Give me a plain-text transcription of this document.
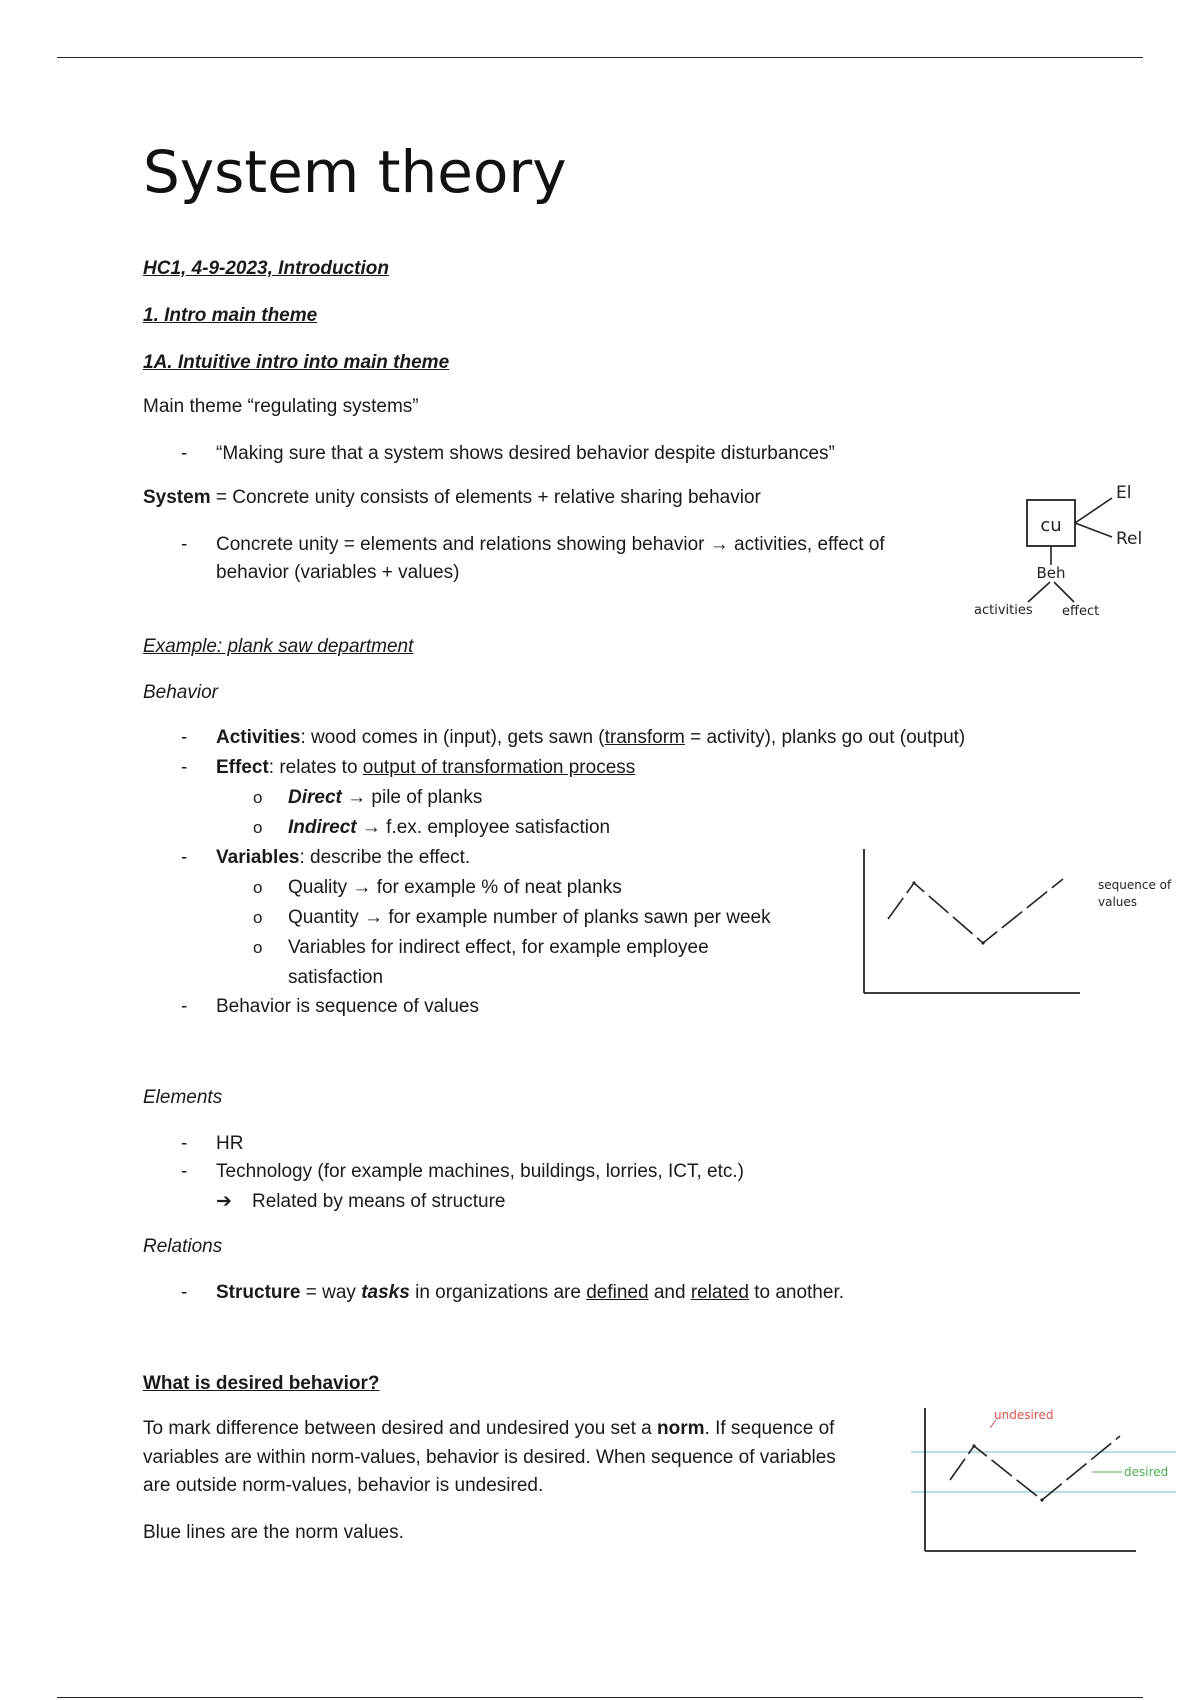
System theory
HC1, 4-9-2023, Introduction
1. Intro main theme
1A. Intuitive intro into main theme
Main theme “regulating systems”
- “Making sure that a system shows desired behavior despite disturbances”
System = Concrete unity consists of elements + relative sharing behavior
- Concrete unity = elements and relations showing behavior → activities, effect of
behavior (variables + values)
cu
El
Rel
Beh
activities effect
Example: plank saw department
Behavior
- Activities: wood comes in (input), gets sawn (transform = activity), planks go out (output)
- Effect: relates to output of transformation process
o Direct → pile of planks
o Indirect → f.ex. employee satisfaction
- Variables: describe the effect.
o Quality → for example % of neat planks
o Quantity → for example number of planks sawn per week
o Variables for indirect effect, for example employee
satisfaction
- Behavior is sequence of values
sequence of
values
Elements
- HR
- Technology (for example machines, buildings, lorries, ICT, etc.)
➔ Related by means of structure
Relations
- Structure = way tasks in organizations are defined and related to another.
What is desired behavior?
To mark difference between desired and undesired you set a norm. If sequence of
variables are within norm-values, behavior is desired. When sequence of variables
are outside norm-values, behavior is undesired.
Blue lines are the norm values.
undesired
desired
